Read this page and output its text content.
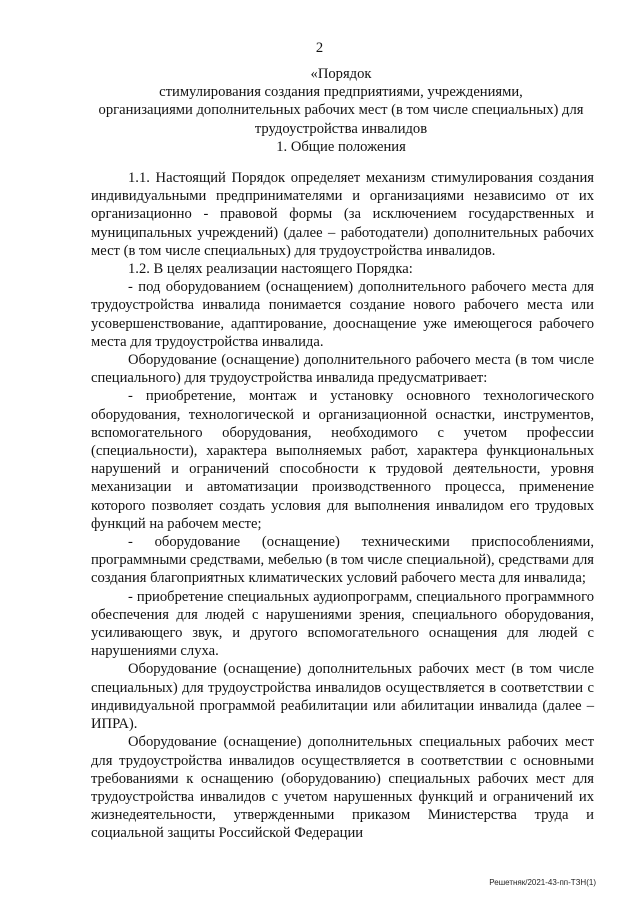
2
«Порядок
стимулирования создания предприятиями, учреждениями,
организациями дополнительных рабочих мест (в том числе специальных) для
трудоустройства инвалидов
1. Общие положения

1.1. Настоящий Порядок определяет механизм стимулирования создания индивидуальными предпринимателями и организациями независимо от их организационно - правовой формы (за исключением государственных и муниципальных учреждений) (далее – работодатели) дополнительных рабочих мест (в том числе специальных) для трудоустройства инвалидов.

1.2. В целях реализации настоящего Порядка:

- под оборудованием (оснащением) дополнительного рабочего места для трудоустройства инвалида понимается создание нового рабочего места или усовершенствование, адаптирование, дооснащение уже имеющегося рабочего места для трудоустройства инвалида.

Оборудование (оснащение) дополнительного рабочего места (в том числе специального) для трудоустройства инвалида предусматривает:

- приобретение, монтаж и установку основного технологического оборудования, технологической и организационной оснастки, инструментов, вспомогательного оборудования, необходимого с учетом профессии (специальности), характера выполняемых работ, характера функциональных нарушений и ограничений способности к трудовой деятельности, уровня механизации и автоматизации производственного процесса, применение которого позволяет создать условия для выполнения инвалидом его трудовых функций на рабочем месте;

- оборудование (оснащение) техническими приспособлениями, программными средствами, мебелью (в том числе специальной), средствами для создания благоприятных климатических условий рабочего места для инвалида;

- приобретение специальных аудиопрограмм, специального программного обеспечения для людей с нарушениями зрения, специального оборудования, усиливающего звук, и другого вспомогательного оснащения для людей с нарушениями слуха.

Оборудование (оснащение) дополнительных рабочих мест (в том числе специальных) для трудоустройства инвалидов осуществляется в соответствии с индивидуальной программой реабилитации или абилитации инвалида (далее – ИПРА).

Оборудование (оснащение) дополнительных специальных рабочих мест для трудоустройства инвалидов осуществляется в соответствии с основными требованиями к оснащению (оборудованию) специальных рабочих мест для трудоустройства инвалидов с учетом нарушенных функций и ограничений их жизнедеятельности, утвержденными приказом Министерства труда и социальной защиты Российской Федерации

Решетняк/2021-43-пп-ТЗН(1)
